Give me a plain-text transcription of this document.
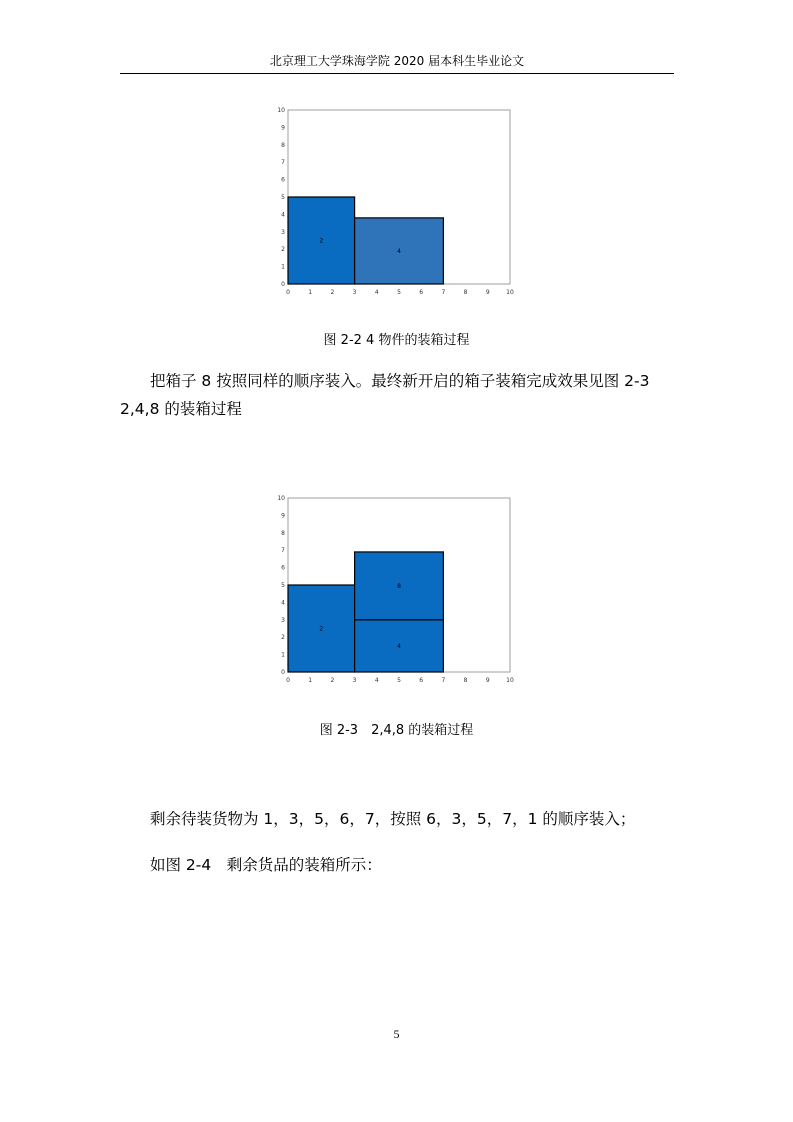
北京理工大学珠海学院 2020 届本科生毕业论文
2
4
0	1	2	3	4	5	6	7	8	9	10
0
1
2
3
4
5
6
7
8
9
10
图 2-2 4 物件的装箱过程
把箱子 8 按照同样的顺序装入。最终新开启的箱子装箱完成效果见图 2-3
2,4,8 的装箱过程
2
4
8
0	1	2	3	4	5	6	7	8	9	10
0
1
2
3
4
5
6
7
8
9
10
图 2-3　2,4,8 的装箱过程
剩余待装货物为 1，3，5，6，7，按照 6，3，5，7，1 的顺序装入；
如图 2-4　剩余货品的装箱所示：
5
